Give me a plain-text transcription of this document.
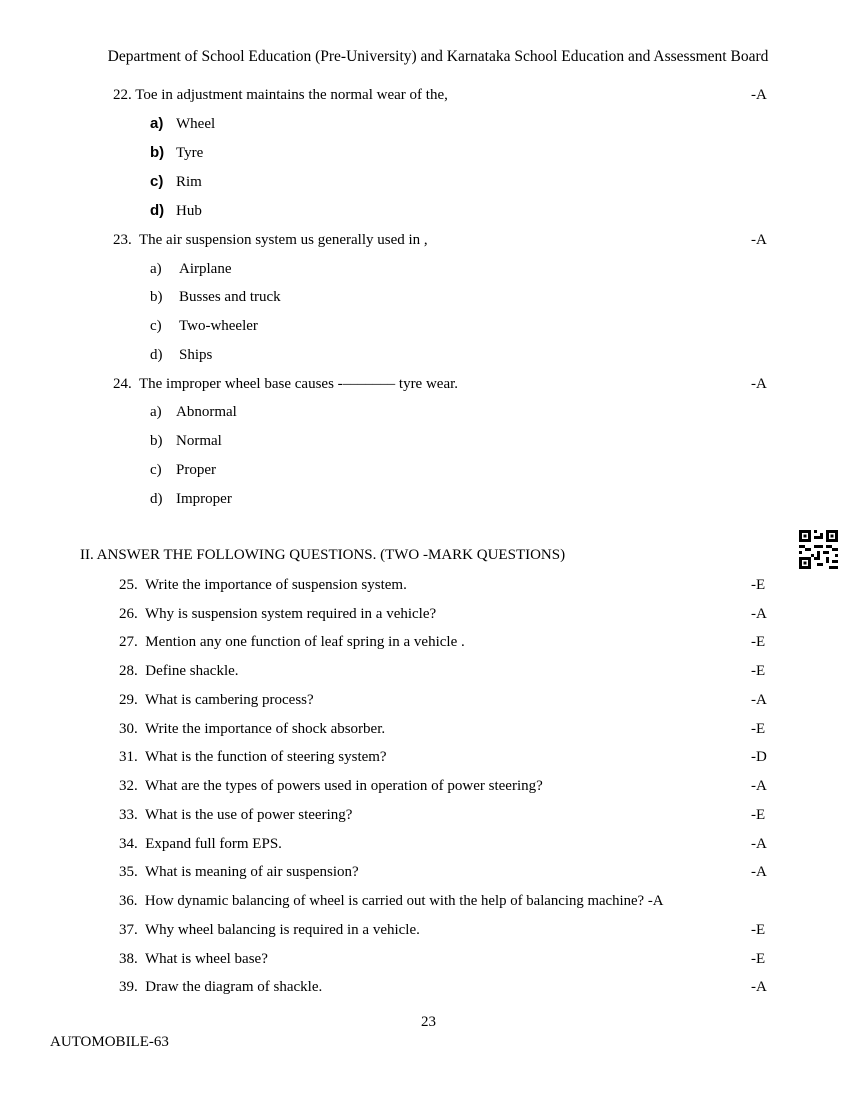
Department of School Education (Pre-University) and Karnataka School Education and Assessment Board
22. Toe in adjustment maintains the normal wear of the,	-A
a) Wheel
b) Tyre
c) Rim
d) Hub
23. The air suspension system us generally used in ,	-A
a) Airplane
b) Busses and truck
c) Two-wheeler
d) Ships
24. The improper wheel base causes -––––––– tyre wear.	-A
a) Abnormal
b) Normal
c) Proper
d) Improper
II. ANSWER THE FOLLOWING QUESTIONS. (TWO -MARK QUESTIONS)
25. Write the importance of suspension system.	-E
26. Why is suspension system required in a vehicle?	-A
27. Mention any one function of leaf spring in a vehicle .	-E
28. Define shackle.	-E
29. What is cambering process?	-A
30. Write the importance of shock absorber.	-E
31. What is the function of steering system?	-D
32. What are the types of powers used in operation of power steering?	-A
33. What is the use of power steering?	-E
34. Expand full form EPS.	-A
35. What is meaning of air suspension?	-A
36. How dynamic balancing of wheel is carried out with the help of balancing machine? -A
37. Why wheel balancing is required in a vehicle.	-E
38. What is wheel base?	-E
39. Draw the diagram of shackle.	-A
23
AUTOMOBILE-63
